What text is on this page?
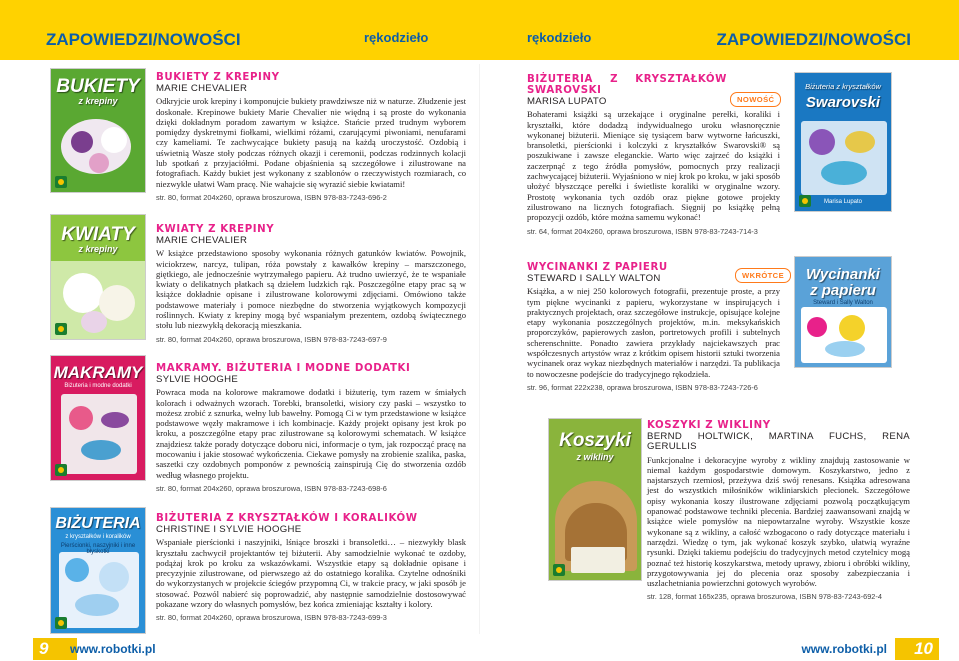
ZAPOWIEDZI/NOWOŚCI	rękodzieło	rękodzieło	ZAPOWIEDZI/NOWOŚCI
BUKIETY
z krepiny
KWIATY
z krepiny
MAKRAMY
Biżuteria i modne dodatki
BIŻUTERIA
z kryształków i koralików
Pierścionki, naszyjniki i inne błyskotki
Biżuteria z kryształków
Swarovski
Marisa Lupato
Wycinanki
z papieru
Steward i Sally Walton
Koszyki
z wikliny
BUKIETY Z KREPINY
MARIE CHEVALIER

Odkryjcie urok krepiny i komponujcie bukiety prawdziwsze niż w naturze. Złudzenie jest doskonałe. Krepinowe bukiety Marie Chevalier nie więdną i są proste do wykonania dzięki dokładnym poradom zawartym w książce. Stańcie przed trudnym wyborem pomiędzy dyskretnymi fiołkami, wielkimi różami, czarującymi piwoniami, nenufarami czy kameliami. Te zachwycające bukiety pasują na każdą uroczystość. Ozdobią i uświetnią Wasze stoły podczas różnych okazji i ceremonii, podczas rodzinnych kolacji lub spotkań z przyjaciółmi. Podane objaśnienia są szczegółowe i zilustrowane na fotografiach. Każdy bukiet jest wykonany z szablonów o rzeczywistych rozmiarach, co niezwykle ułatwi Wam pracę. Nie wahajcie się wyrazić siebie kwiatami!

str. 80, format 204x260, oprawa broszurowa, ISBN 978-83-7243-696-2
KWIATY Z KREPINY
MARIE CHEVALIER

W książce przedstawiono sposoby wykonania różnych gatunków kwiatów. Powojnik, wiciokrzew, narcyz, tulipan, róża powstały z kawałków krepiny – marszczonego, giętkiego, ale jednocześnie wytrzymałego papieru. Aż trudno uwierzyć, że te wspaniałe kwiaty o delikatnych płatkach są dziełem ludzkich rąk. Poszczególne etapy prac są w książce dokładnie opisane i zilustrowane kolorowymi zdjęciami. Omówiono także podstawowe materiały i pomoce niezbędne do stworzenia wyjątkowych kompozycji roślinnych. Kwiaty z krepiny mogą być wspaniałym prezentem, ozdobą świątecznego stołu lub niezwykłą dekoracją mieszkania.

str. 80, format 204x260, oprawa broszurowa, ISBN 978-83-7243-697-9
MAKRAMY. BIŻUTERIA I MODNE DODATKI
SYLVIE HOOGHE

Powraca moda na kolorowe makramowe dodatki i biżuterię, tym razem w śmiałych kolorach i odważnych wzorach. Torebki, bransoletki, wisiory czy paski – wszystko to możesz zrobić z sznurka, wełny lub bawełny. Pomogą Ci w tym przedstawione w książce podstawowe węzły makramowe i ich kombinacje. Każdy projekt opisany jest krok po kroku, a poszczególne etapy prac zilustrowane są kolorowymi schematach. W książce znajdziesz także porady dotyczące doboru nici, informacje o tym, jak rozpocząć pracę na mocowaniu i jakie stosować wykończenia. Ciekawe pomysły na zrobienie szalika, paska, saszetki czy ozdobnych pomponów z pewnością zainspirują Cię do stworzenia ozdób według własnego projektu.

str. 80, format 204x260, oprawa broszurowa, ISBN 978-83-7243-698-6
BIŻUTERIA Z KRYSZTAŁKÓW I KORALIKÓW
CHRISTINE I SYLVIE HOOGHE

Wspaniałe pierścionki i naszyjniki, lśniące broszki i bransoletki… – niezwykły blask kryształu zachwycił projektantów tej biżuterii. Aby samodzielnie wykonać te ozdoby, podążaj krok po kroku za wskazówkami. Wszystkie etapy są dokładnie opisane i precyzyjnie zilustrowane, od pierwszego aż do ostatniego koralika. Czytelne odnośniki do wykorzystanych w projekcie ściegów przypomną Ci, w trakcie pracy, w jaki sposób je stosować. Pozwól nabierć się poprowadzić, aby następnie samodzielnie dostosowywać pokazane wzory do własnych pomysłów, bez końca zmieniając kształty i kolory.

str. 80, format 204x260, oprawa broszurowa, ISBN 978-83-7243-699-3
BIŻUTERIA Z KRYSZTAŁKÓW SWAROVSKI
MARISA LUPATO

Bohaterami książki są urzekające i oryginalne perełki, koraliki i kryształki, które dodadzą indywidualnego uroku własnoręcznie wykonanej biżuterii. Mieniące się tysiącem barw wytworne łańcuszki, bransoletki, pierścionki i kolczyki z kryształków Swarovski® są poszukiwane i zawsze eleganckie. Warto więc zajrzeć do książki i zaczerpnąć z tego źródła pomysłów, pomocnych przy realizacji zachwycającej biżuterii. Wyjaśniono w niej krok po kroku, w jaki sposób ułożyć błyszczące perełki i świetliste koraliki w oryginalne wzory. Prostotę wykonania tych ozdób oraz piękne gotowe projekty zilustrowano na licznych fotografiach. Sięgnij po książkę pełną propozycji ozdób, które można samemu wykonać!

str. 64, format 204x260, oprawa broszurowa, ISBN 978-83-7243-714-3
NOWOŚĆ
WYCINANKI Z PAPIERU
STEWARD I SALLY WALTON

Książka, a w niej 250 kolorowych fotografii, prezentuje proste, a przy tym piękne wycinanki z papieru, wykorzystane w inspirujących i praktycznych projektach, oraz szczegółowe instrukcje, opisujące kolejne etapy wykonania poszczególnych projektów, m.in. meksykańskich proporczyków, papierowych zasłon, portretowych profili i subtelnych scherenschnitte. Ponadto zawiera przykłady najciekawszych prac współczesnych artystów wraz z krótkim opisem historii sztuki tworzenia wycinanek oraz wykaz niezbędnych materiałów i narzędzi. Ta publikacja to nowoczesne podejście do tradycyjnego rękodzieła.

str. 96, format 222x238, oprawa broszurowa, ISBN 978-83-7243-726-6
WKRÓTCE
KOSZYKI Z WIKLINY
BERND HOLTWICK, MARTINA FUCHS, RENA GERULLIS

Funkcjonalne i dekoracyjne wyroby z wikliny znajdują zastosowanie w niemal każdym gospodarstwie domowym. Koszykarstwo, jedno z najstarszych rzemiosł, przeżywa dziś swój renesans. Książka adresowana jest do wszystkich miłośników wikliniarskich plecionek. Szczegółowe opisy wykonania koszy ilustrowane zdjęciami pozwolą początkującym opanować podstawowe techniki plecenia. Bardziej zaawansowani znajdą w książce wiele pomysłów na niepowtarzalne wyroby. Wszystkie kosze wykonane są z wikliny, a całość wzbogacono o rady dotyczące materiału i narzędzi. Wiedzę o tym, jak wykonać koszyk szybko, ułatwią wyraźne rysunki. Dzięki takiemu podejściu do tradycyjnych metod czytelnicy mogą poznać też historię koszykarstwa, metody uprawy, zbioru i obróbki wikliny, przygotowywania jej do plecenia oraz sposoby zabezpieczania i uszlachetniania powierzchni gotowych wyrobów.

str. 128, format 165x235, oprawa broszurowa, ISBN 978-83-7243-692-4
9 www.robotki.pl	www.robotki.pl 10
